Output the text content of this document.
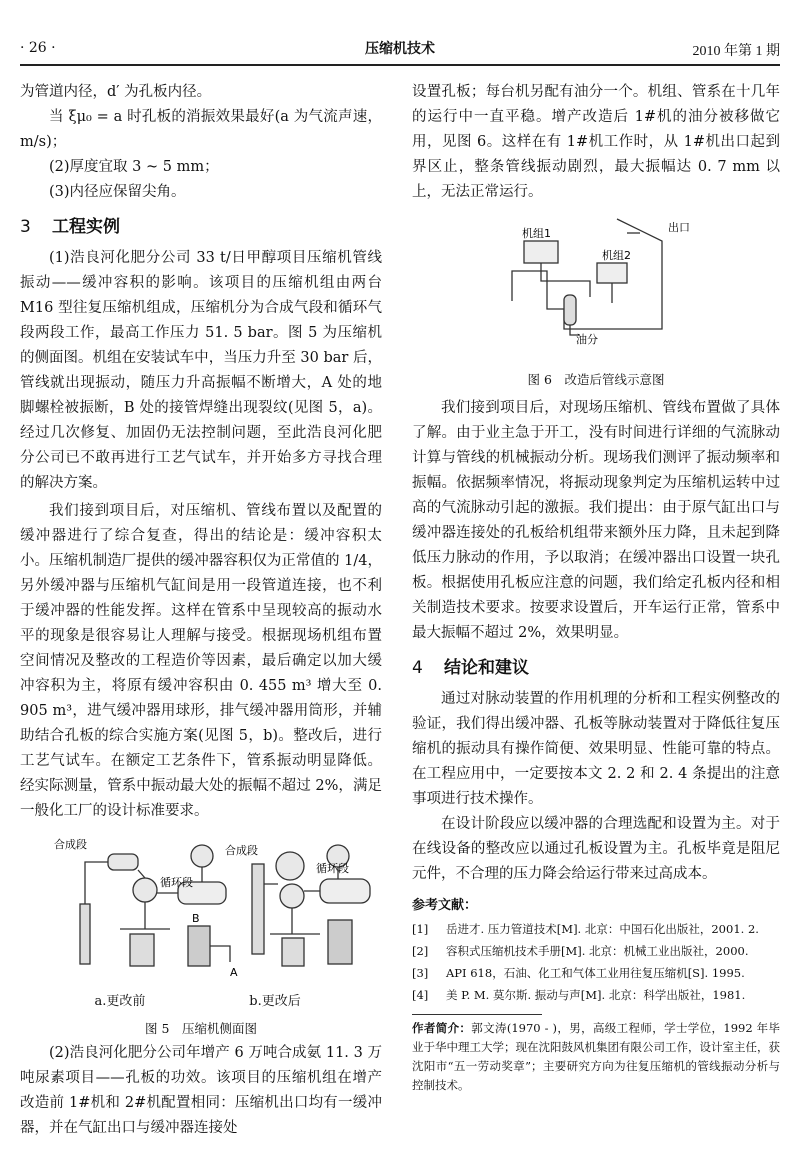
· 26 ·	压缩机技术	2010 年第 1 期

为管道内径，d′ 为孔板内径。

当 ξμ₀ = a 时孔板的消振效果最好(a 为气流声速，m/s)；

(2)厚度宜取 3 ~ 5 mm；

(3)内径应保留尖角。

3 工程实例

(1)浩良河化肥分公司 33 t/日甲醇项目压缩机管线振动——缓冲容积的影响。该项目的压缩机组由两台 M16 型往复压缩机组成，压缩机分为合成气段和循环气段两段工作，最高工作压力 51. 5 bar。图 5 为压缩机的侧面图。机组在安装试车中，当压力升至 30 bar 后，管线就出现振动，随压力升高振幅不断增大，A 处的地脚螺栓被振断，B 处的接管焊缝出现裂纹(见图 5，a)。经过几次修复、加固仍无法控制问题，至此浩良河化肥分公司已不敢再进行工艺气试车，并开始多方寻找合理的解决方案。

我们接到项目后，对压缩机、管线布置以及配置的缓冲器进行了综合复查，得出的结论是：缓冲容积太小。压缩机制造厂提供的缓冲器容积仅为正常值的 1/4，另外缓冲器与压缩机气缸间是用一段管道连接，也不利于缓冲器的性能发挥。这样在管系中呈现较高的振动水平的现象是很容易让人理解与接受。根据现场机组布置空间情况及整改的工程造价等因素，最后确定以加大缓冲容积为主，将原有缓冲容积由 0. 455 m³ 增大至 0. 905 m³，进气缓冲器用球形，排气缓冲器用筒形，并辅助结合孔板的综合实施方案(见图 5，b)。整改后，进行工艺气试车。在额定工艺条件下，管系振动明显降低。经实际测量，管系中振动最大处的振幅不超过 2%，满足一般化工厂的设计标准要求。

合成段
循环段
合成段
循环段
B
A
a.更改前	b.更改后

图 5　压缩机侧面图

(2)浩良河化肥分公司年增产 6 万吨合成氨 11. 3 万吨尿素项目——孔板的功效。该项目的压缩机组在增产改造前 1#机和 2#机配置相同：压缩机出口均有一缓冲器，并在气缸出口与缓冲器连接处

设置孔板；每台机另配有油分一个。机组、管系在十几年的运行中一直平稳。增产改造后 1#机的油分被移做它用，见图 6。这样在有 1#机工作时，从 1#机出口起到界区止，整条管线振动剧烈，最大振幅达 0. 7 mm 以上，无法正常运行。

出口
机组1
机组2
油分

图 6　改造后管线示意图

我们接到项目后，对现场压缩机、管线布置做了具体了解。由于业主急于开工，没有时间进行详细的气流脉动计算与管线的机械振动分析。现场我们测评了振动频率和振幅。依据频率情况，将振动现象判定为压缩机运转中过高的气流脉动引起的激振。我们提出：由于原气缸出口与缓冲器连接处的孔板给机组带来额外压力降，且未起到降低压力脉动的作用，予以取消；在缓冲器出口设置一块孔板。根据使用孔板应注意的问题，我们给定孔板内径和相关制造技术要求。按要求设置后，开车运行正常，管系中最大振幅不超过 2%，效果明显。

4 结论和建议

通过对脉动装置的作用机理的分析和工程实例整改的验证，我们得出缓冲器、孔板等脉动装置对于降低往复压缩机的振动具有操作简便、效果明显、性能可靠的特点。在工程应用中，一定要按本文 2. 2 和 2. 4 条提出的注意事项进行技术操作。

在设计阶段应以缓冲器的合理选配和设置为主。对于在线设备的整改应以通过孔板设置为主。孔板毕竟是阻尼元件，不合理的压力降会给运行带来过高成本。

参考文献：

[1]	岳进才. 压力管道技术[M]. 北京：中国石化出版社，2001. 2.
[2]	容积式压缩机技术手册[M]. 北京：机械工业出版社，2000.
[3]	API 618，石油、化工和气体工业用往复压缩机[S]. 1995.
[4]	美 P. M. 莫尔斯. 振动与声[M]. 北京：科学出版社，1981.

作者简介：郭文涛(1970 - )，男，高级工程师，学士学位，1992 年毕业于华中理工大学；现在沈阳鼓风机集团有限公司工作，设计室主任，获沈阳市“五一劳动奖章”；主要研究方向为往复压缩机的管线振动分析与控制技术。
